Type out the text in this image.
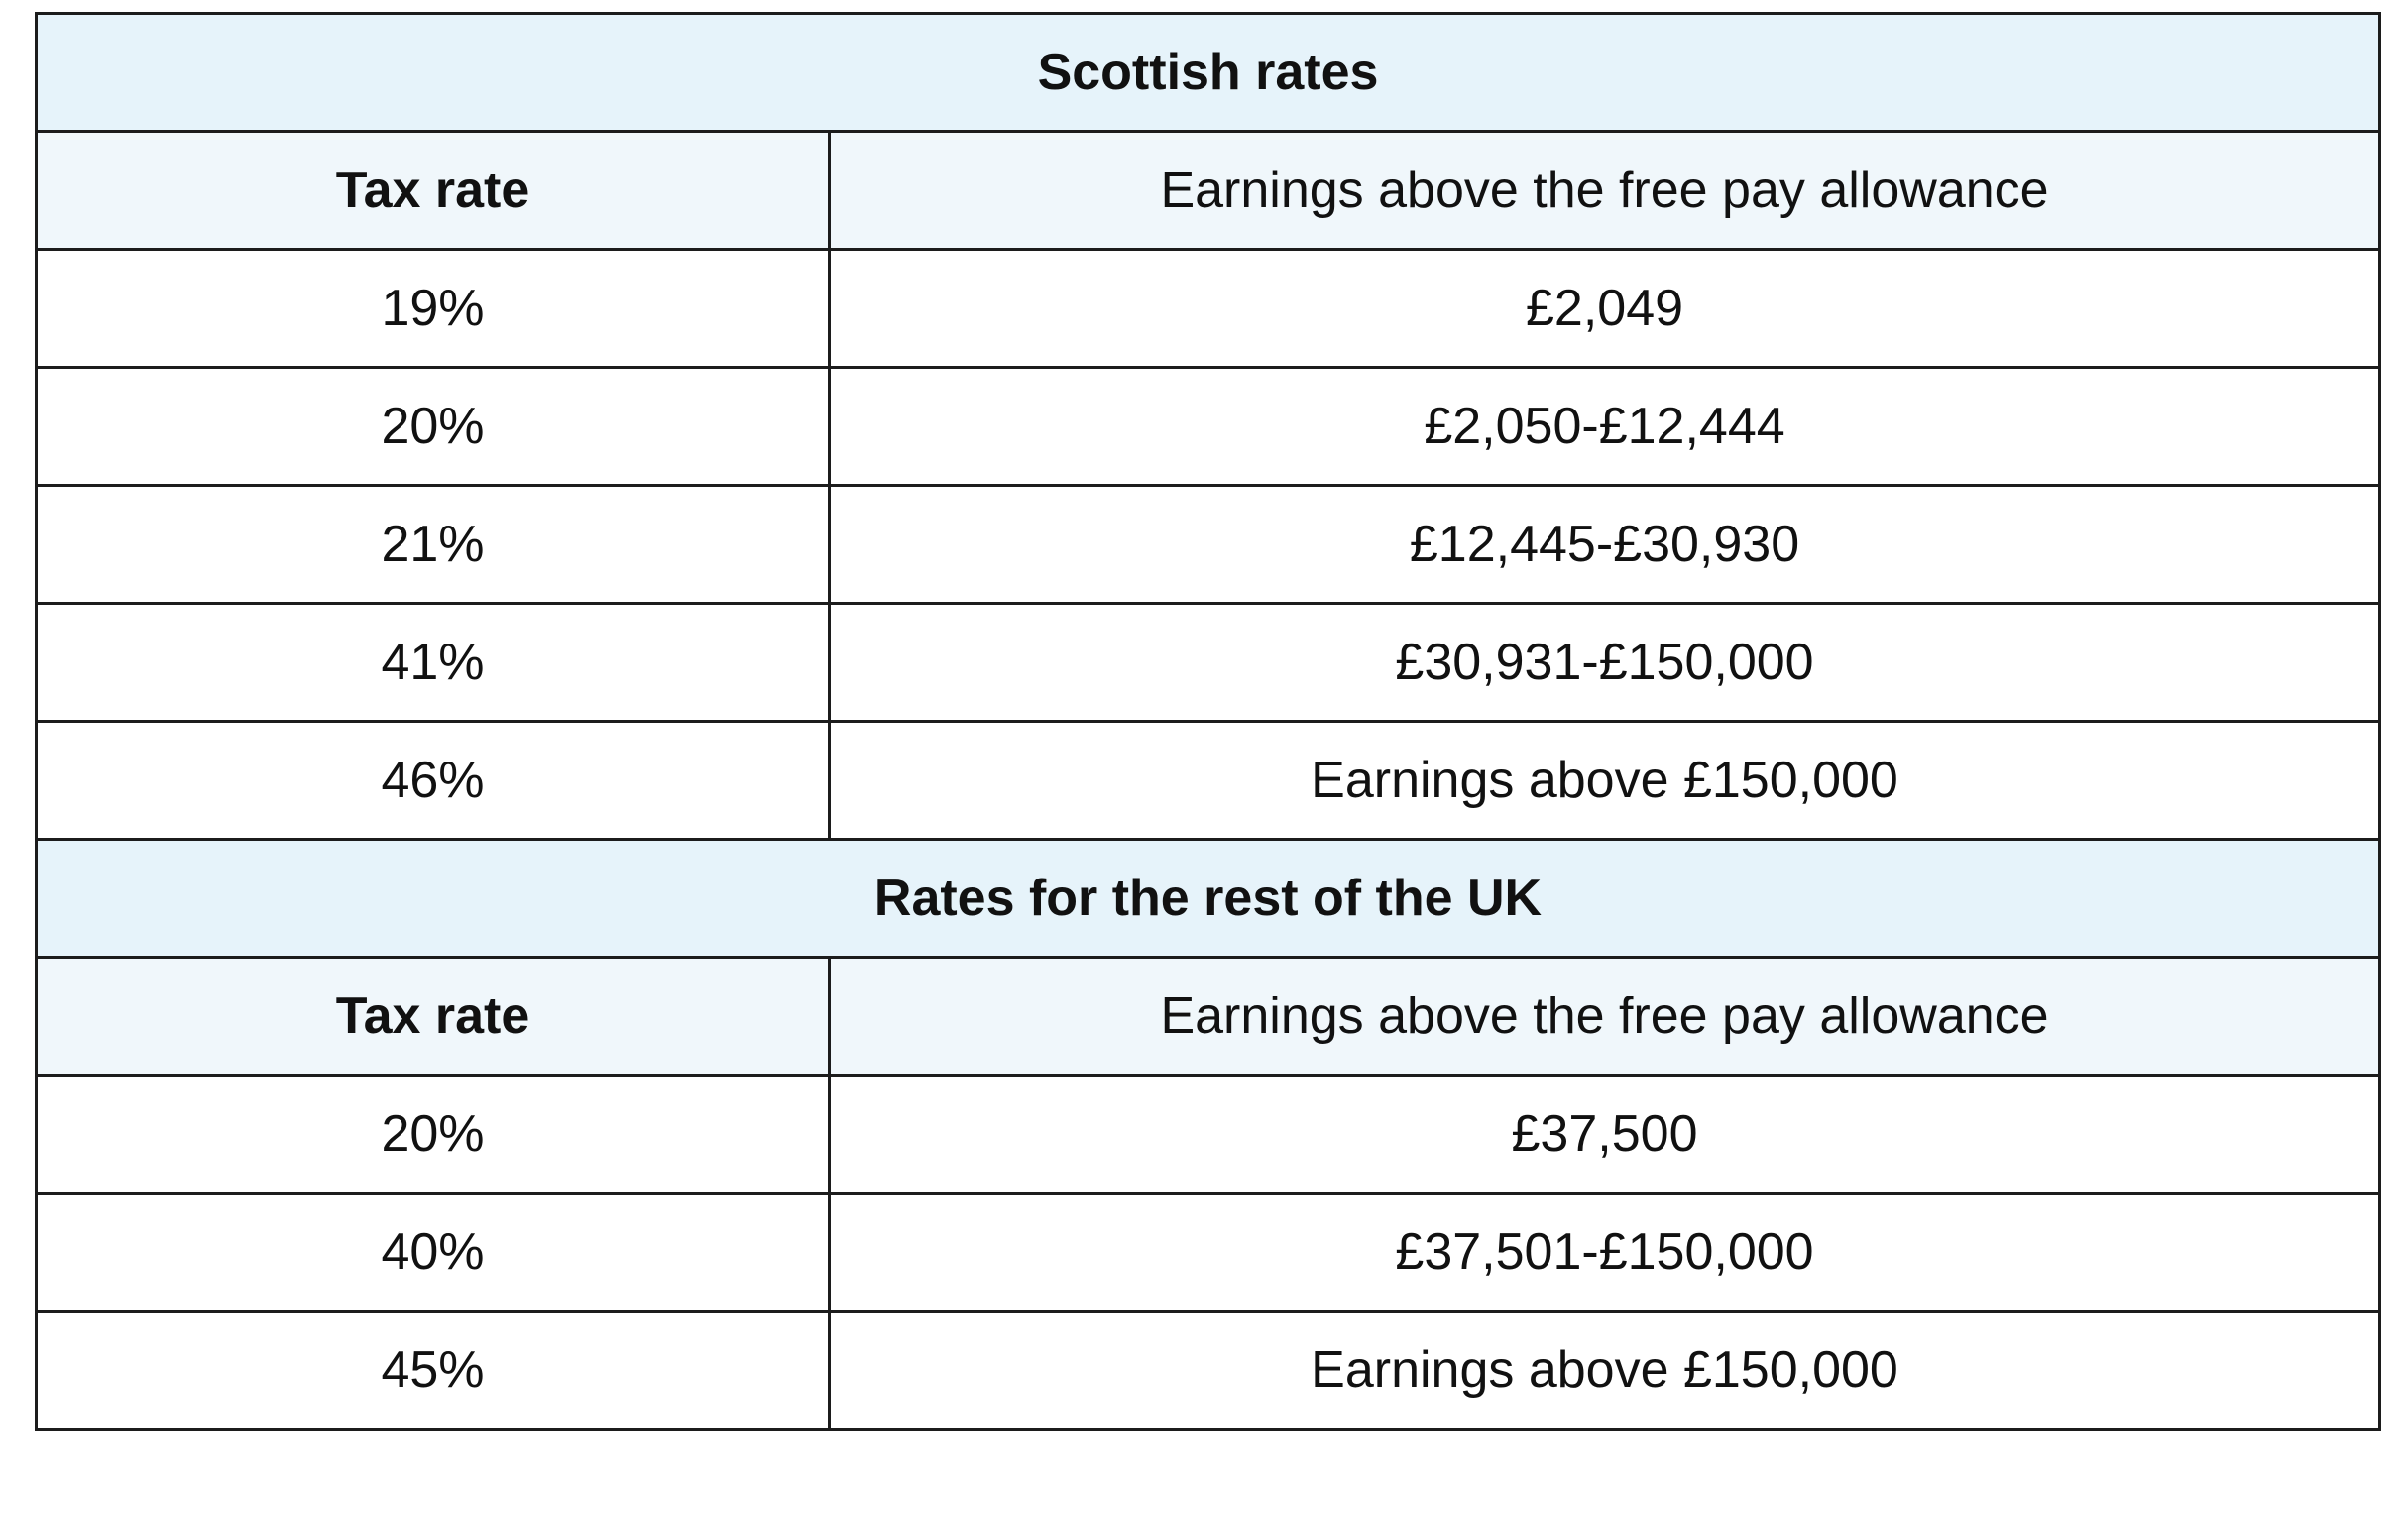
Scottish rates	
Tax rate	Earnings above the free pay allowance
19%	£2,049
20%	£2,050-£12,444
21%	£12,445-£30,930
41%	£30,931-£150,000
46%	Earnings above £150,000
Rates for the rest of the UK	
Tax rate	Earnings above the free pay allowance
20%	£37,500
40%	£37,501-£150,000
45%	Earnings above £150,000
